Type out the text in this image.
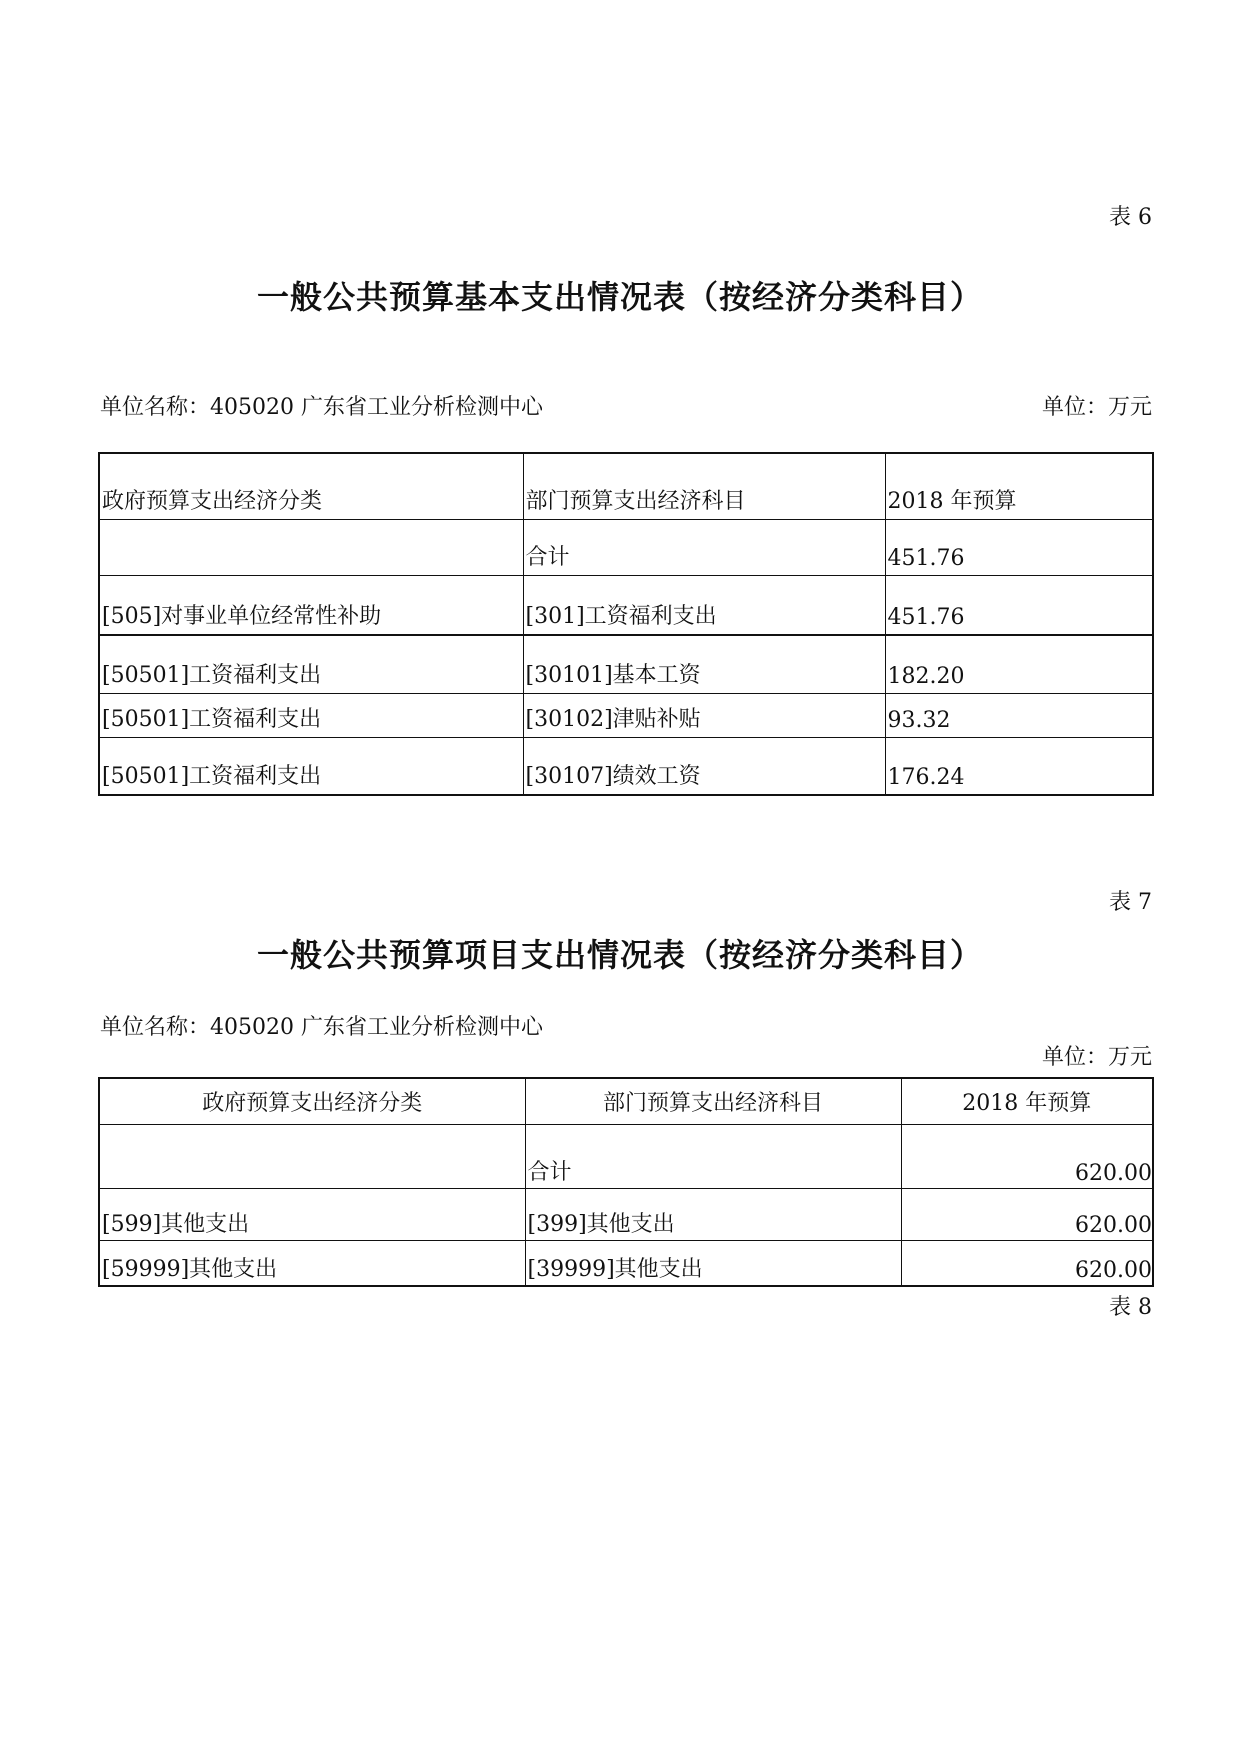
表 6
一般公共预算基本支出情况表（按经济分类科目）
单位名称：405020 广东省工业分析检测中心	单位：万元
政府预算支出经济分类	部门预算支出经济科目	2018 年预算
	合计	451.76
[505]对事业单位经常性补助	[301]工资福利支出	451.76
[50501]工资福利支出	[30101]基本工资	182.20
[50501]工资福利支出	[30102]津贴补贴	93.32
[50501]工资福利支出	[30107]绩效工资	176.24
表 7
一般公共预算项目支出情况表（按经济分类科目）
单位名称：405020 广东省工业分析检测中心
单位：万元
政府预算支出经济分类	部门预算支出经济科目	2018 年预算
	合计	620.00
[599]其他支出	[399]其他支出	620.00
[59999]其他支出	[39999]其他支出	620.00
表 8
